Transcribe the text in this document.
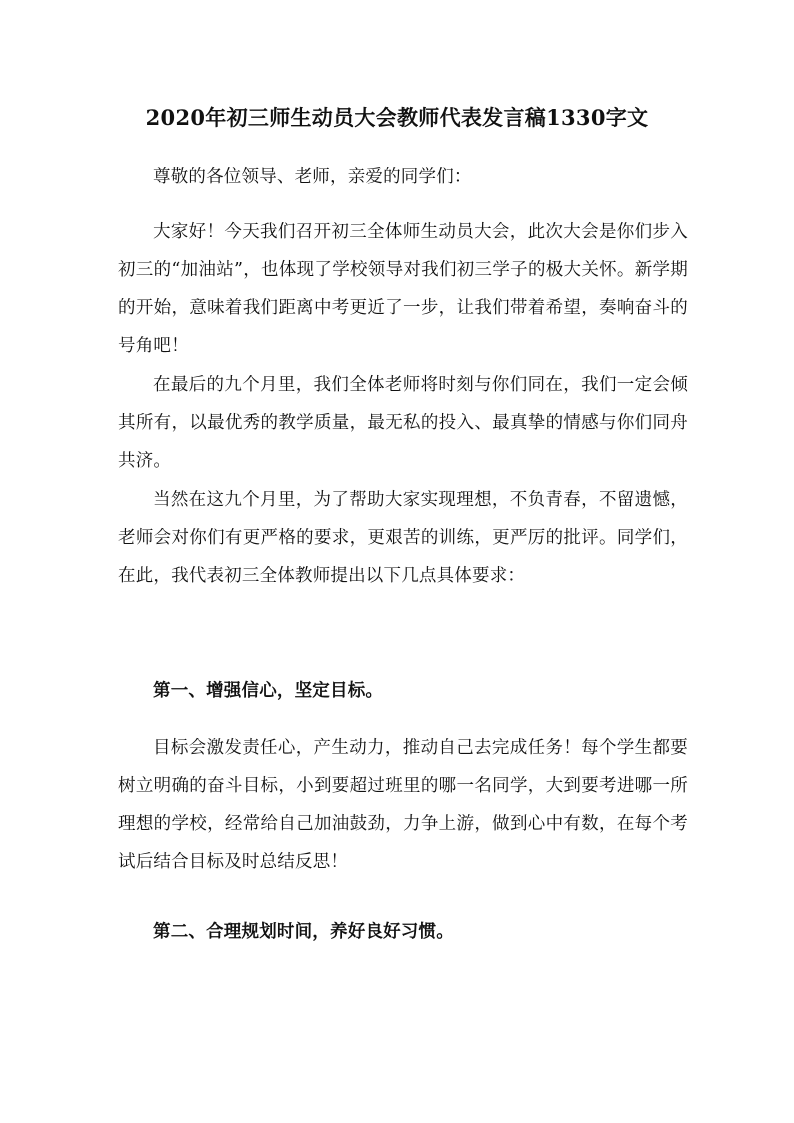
2020年初三师生动员大会教师代表发言稿1330字文

尊敬的各位领导、老师，亲爱的同学们：

大家好！今天我们召开初三全体师生动员大会，此次大会是你们步入初三的“加油站”，也体现了学校领导对我们初三学子的极大关怀。新学期的开始，意味着我们距离中考更近了一步，让我们带着希望，奏响奋斗的号角吧！

在最后的九个月里，我们全体老师将时刻与你们同在，我们一定会倾其所有，以最优秀的教学质量，最无私的投入、最真挚的情感与你们同舟共济。

当然在这九个月里，为了帮助大家实现理想，不负青春，不留遗憾，老师会对你们有更严格的要求，更艰苦的训练，更严厉的批评。同学们，在此，我代表初三全体教师提出以下几点具体要求：

第一、增强信心，坚定目标。

目标会激发责任心，产生动力，推动自己去完成任务！每个学生都要树立明确的奋斗目标，小到要超过班里的哪一名同学，大到要考进哪一所理想的学校，经常给自己加油鼓劲，力争上游，做到心中有数，在每个考试后结合目标及时总结反思！

第二、合理规划时间，养好良好习惯。
